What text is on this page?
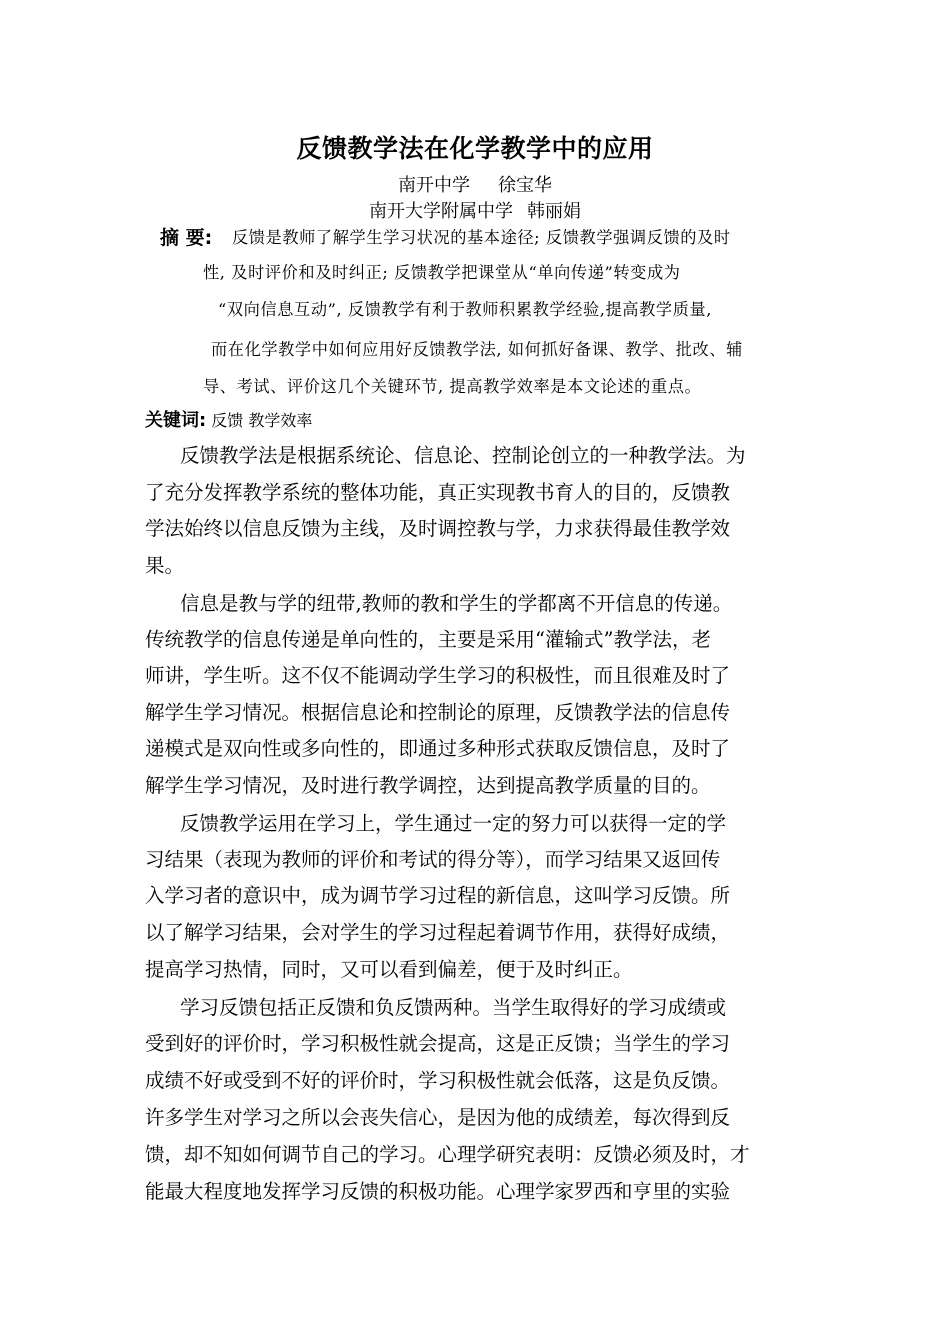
反馈教学法在化学教学中的应用
南开中学 徐宝华
南开大学附属中学 韩丽娟
摘 要: 反馈是教师了解学生学习状况的基本途径; 反馈教学强调反馈的及时
性, 及时评价和及时纠正; 反馈教学把课堂从“单向传递”转变成为
“双向信息互动”, 反馈教学有利于教师积累教学经验,提高教学质量,
而在化学教学中如何应用好反馈教学法, 如何抓好备课、教学、批改、辅
导、考试、评价这几个关键环节, 提高教学效率是本文论述的重点。
关键词: 反馈 教学效率
反馈教学法是根据系统论、信息论、控制论创立的一种教学法。为
了充分发挥教学系统的整体功能，真正实现教书育人的目的，反馈教
学法始终以信息反馈为主线，及时调控教与学，力求获得最佳教学效
果。
信息是教与学的纽带,教师的教和学生的学都离不开信息的传递。
传统教学的信息传递是单向性的，主要是采用“灌输式”教学法，老
师讲，学生听。这不仅不能调动学生学习的积极性，而且很难及时了
解学生学习情况。根据信息论和控制论的原理，反馈教学法的信息传
递模式是双向性或多向性的，即通过多种形式获取反馈信息，及时了
解学生学习情况，及时进行教学调控，达到提高教学质量的目的。
反馈教学运用在学习上，学生通过一定的努力可以获得一定的学
习结果（表现为教师的评价和考试的得分等），而学习结果又返回传
入学习者的意识中，成为调节学习过程的新信息，这叫学习反馈。所
以了解学习结果，会对学生的学习过程起着调节作用，获得好成绩，
提高学习热情，同时，又可以看到偏差，便于及时纠正。
学习反馈包括正反馈和负反馈两种。当学生取得好的学习成绩或
受到好的评价时，学习积极性就会提高，这是正反馈；当学生的学习
成绩不好或受到不好的评价时，学习积极性就会低落，这是负反馈。
许多学生对学习之所以会丧失信心，是因为他的成绩差，每次得到反
馈，却不知如何调节自己的学习。心理学研究表明：反馈必须及时，才
能最大程度地发挥学习反馈的积极功能。心理学家罗西和亨里的实验
